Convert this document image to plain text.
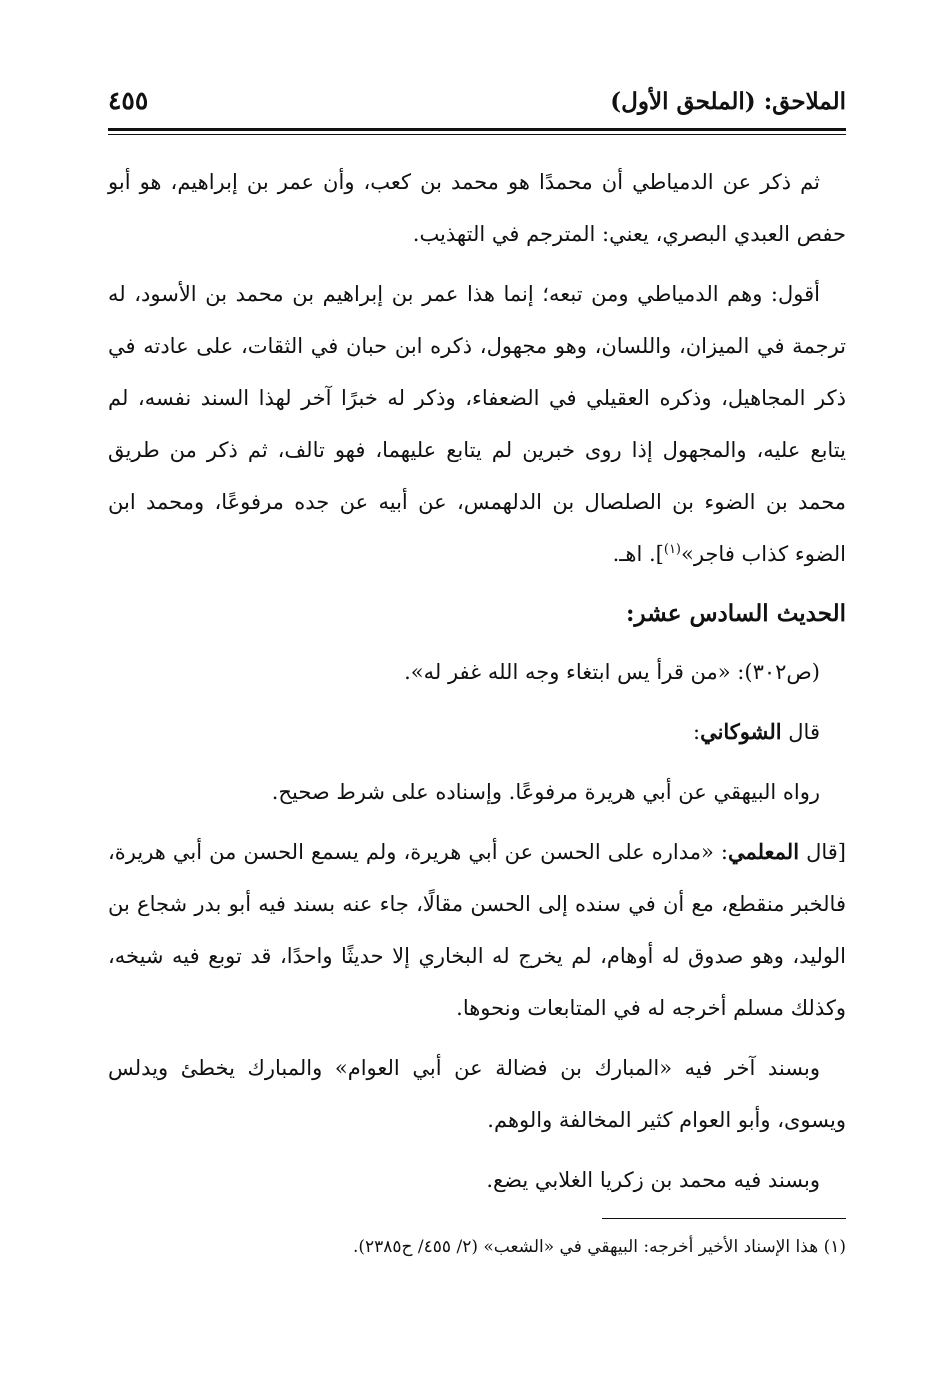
الملاحق: (الملحق الأول)
٤٥٥

ثم ذكر عن الدمياطي أن محمدًا هو محمد بن كعب، وأن عمر بن إبراهيم، هو أبو حفص العبدي البصري، يعني: المترجم في التهذيب.

أقول: وهم الدمياطي ومن تبعه؛ إنما هذا عمر بن إبراهيم بن محمد بن الأسود، له ترجمة في الميزان، واللسان، وهو مجهول، ذكره ابن حبان في الثقات، على عادته في ذكر المجاهيل، وذكره العقيلي في الضعفاء، وذكر له خبرًا آخر لهذا السند نفسه، لم يتابع عليه، والمجهول إذا روى خبرين لم يتابع عليهما، فهو تالف، ثم ذكر من طريق محمد بن الضوء بن الصلصال بن الدلهمس، عن أبيه عن جده مرفوعًا، ومحمد ابن الضوء كذاب فاجر»$^{(١)}$]. اهـ.

الحديث السادس عشر:

(ص٣٠٢): «من قرأ يس ابتغاء وجه الله غفر له».

قال الشوكاني:

رواه البيهقي عن أبي هريرة مرفوعًا. وإسناده على شرط صحيح.

[قال المعلمي: «مداره على الحسن عن أبي هريرة، ولم يسمع الحسن من أبي هريرة، فالخبر منقطع، مع أن في سنده إلى الحسن مقالًا، جاء عنه بسند فيه أبو بدر شجاع بن الوليد، وهو صدوق له أوهام، لم يخرج له البخاري إلا حديثًا واحدًا، قد توبع فيه شيخه، وكذلك مسلم أخرجه له في المتابعات ونحوها.

وبسند آخر فيه «المبارك بن فضالة عن أبي العوام» والمبارك يخطئ ويدلس ويسوى، وأبو العوام كثير المخالفة والوهم.

وبسند فيه محمد بن زكريا الغلابي يضع.

(١) هذا الإسناد الأخير أخرجه: البيهقي في «الشعب» (٢/ ٤٥٥/ ح٢٣٨٥).
